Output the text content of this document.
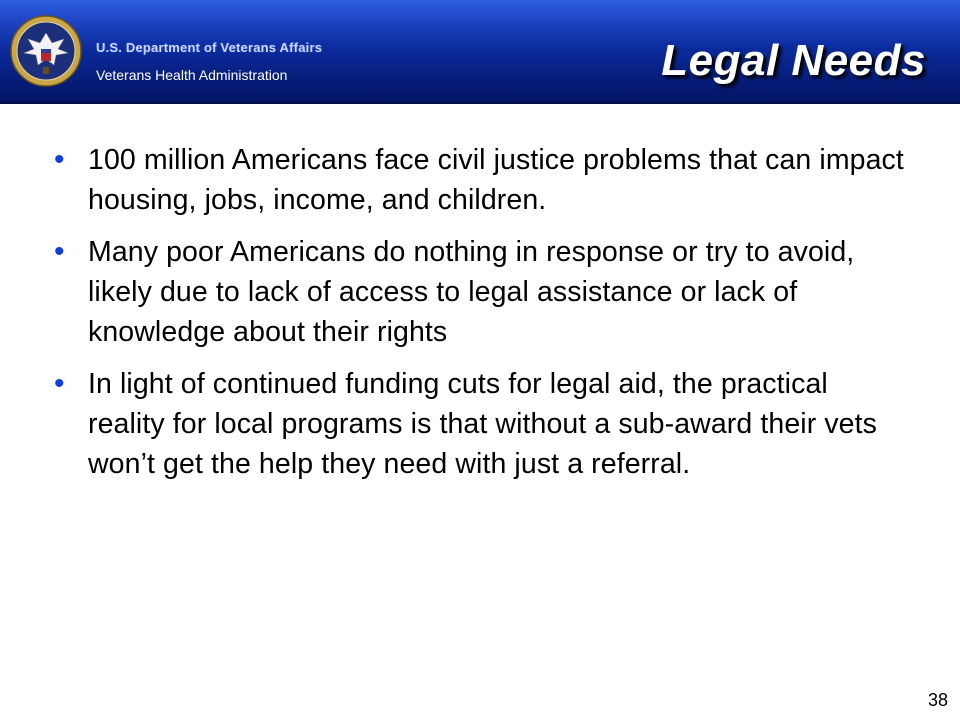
U.S. Department of Veterans Affairs
Veterans Health Administration	Legal Needs
• 100 million Americans face civil justice problems that can impact housing, jobs, income, and children.
• Many poor Americans do nothing in response or try to avoid, likely due to lack of access to legal assistance or lack of knowledge about their rights
• In light of continued funding cuts for legal aid, the practical reality for local programs is that without a sub-award their vets won’t get the help they need with just a referral.
38
